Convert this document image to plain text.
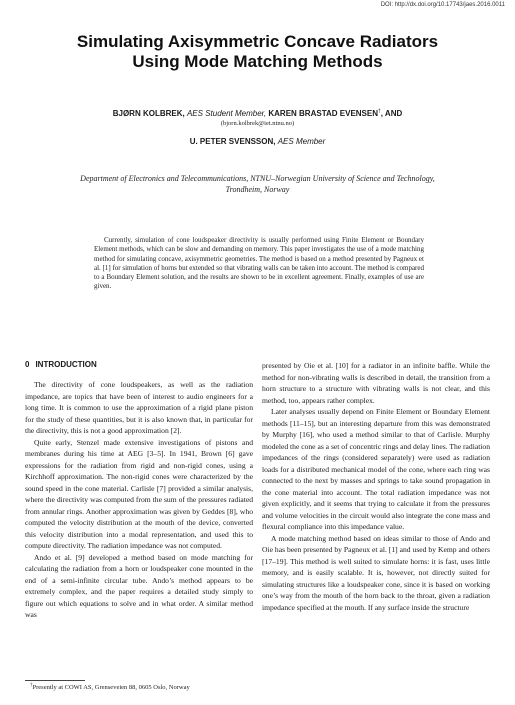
DOI: http://dx.doi.org/10.17743/jaes.2016.0011
Simulating Axisymmetric Concave Radiators
Using Mode Matching Methods
BJØRN KOLBREK, AES Student Member, KAREN BRASTAD EVENSEN†, AND
(bjorn.kolbrek@iet.ntnu.no)
U. PETER SVENSSON, AES Member
Department of Electronics and Telecommunications, NTNU–Norwegian University of Science and Technology,
Trondheim, Norway

Currently, simulation of cone loudspeaker directivity is usually performed using Finite Element or Boundary Element methods, which can be slow and demanding on memory. This paper investigates the use of a mode matching method for simulating concave, axisymmetric geometries. The method is based on a method presented by Pagneux et al. [1] for simulation of horns but extended so that vibrating walls can be taken into account. The method is compared to a Boundary Element solution, and the results are shown to be in excellent agreement. Finally, examples of use are given.

0 INTRODUCTION

The directivity of cone loudspeakers, as well as the radiation impedance, are topics that have been of interest to audio engineers for a long time. It is common to use the approximation of a rigid plane piston for the study of these quantities, but it is also known that, in particular for the directivity, this is not a good approximation [2].

Quite early, Stenzel made extensive investigations of pistons and membranes during his time at AEG [3–5]. In 1941, Brown [6] gave expressions for the radiation from rigid and non-rigid cones, using a Kirchhoff approximation. The non-rigid cones were characterized by the sound speed in the cone material. Carlisle [7] provided a similar analysis, where the directivity was computed from the sum of the pressures radiated from annular rings. Another approximation was given by Geddes [8], who computed the velocity distribution at the mouth of the device, converted this velocity distribution into a modal representation, and used this to compute directivity. The radiation impedance was not computed.

Ando et al. [9] developed a method based on mode matching for calculating the radiation from a horn or loudspeaker cone mounted in the end of a semi-infinite circular tube. Ando’s method appears to be extremely complex, and the paper requires a detailed study simply to figure out which equations to solve and in what order. A similar method was

presented by Oie et al. [10] for a radiator in an infinite baffle. While the method for non-vibrating walls is described in detail, the transition from a horn structure to a structure with vibrating walls is not clear, and this method, too, appears rather complex.

Later analyses usually depend on Finite Element or Boundary Element methods [11–15], but an interesting departure from this was demonstrated by Murphy [16], who used a method similar to that of Carlisle. Murphy modeled the cone as a set of concentric rings and delay lines. The radiation impedances of the rings (considered separately) were used as radiation loads for a distributed mechanical model of the cone, where each ring was connected to the next by masses and springs to take sound propagation in the cone material into account. The total radiation impedance was not given explicitly, and it seems that trying to calculate it from the pressures and volume velocities in the circuit would also integrate the cone mass and flexural compliance into this impedance value.

A mode matching method based on ideas similar to those of Ando and Oie has been presented by Pagneux et al. [1] and used by Kemp and others [17–19]. This method is well suited to simulate horns: it is fast, uses little memory, and is easily scalable. It is, however, not directly suited for simulating structures like a loudspeaker cone, since it is based on working one’s way from the mouth of the horn back to the throat, given a radiation impedance specified at the mouth. If any surface inside the structure

†Presently at COWI AS, Grenseveien 88, 0605 Oslo, Norway
